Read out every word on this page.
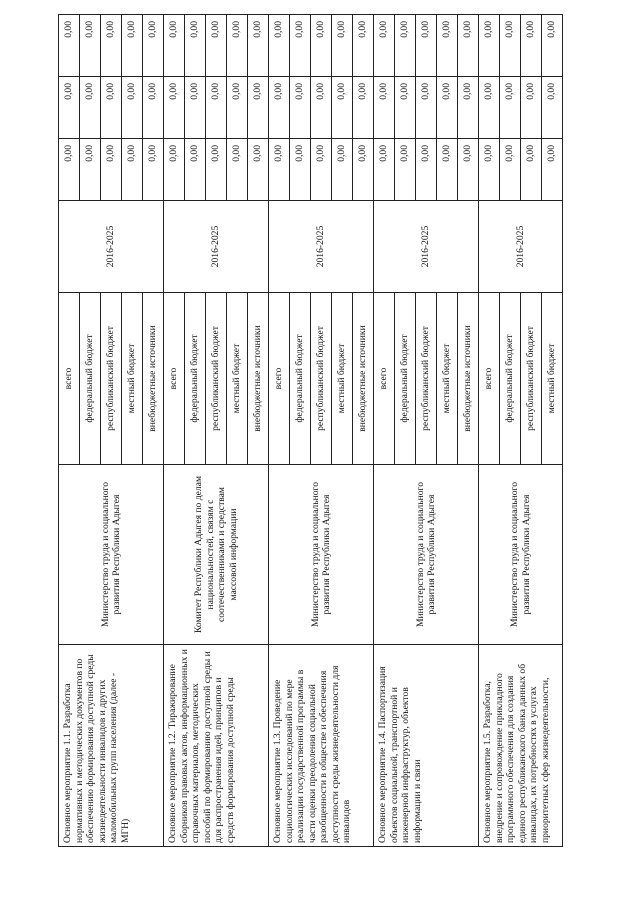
Основное мероприятие 1.1. Разработка нормативных и методических документов по обеспечению формирования доступной среды жизнедеятельности инвалидов и других маломобильных групп населения (далее - МГН)	Министерство труда и социального развития Республики Адыгея	всего	2016-2025	0,00	0,00	0,00
		федеральный бюджет		0,00	0,00	0,00
		республиканский бюджет		0,00	0,00	0,00
		местный бюджет		0,00	0,00	0,00
		внебюджетные источники		0,00	0,00	0,00
Основное мероприятие 1.2. Тиражирование сборников правовых актов, информационных и справочных материалов, методических пособий по формированию доступной среды и для распространения идей, принципов и средств формирования доступной среды	Комитет Республики Адыгея по делам национальностей, связям с соотечественниками и средствам массовой информации	всего	2016-2025	0,00	0,00	0,00
		федеральный бюджет		0,00	0,00	0,00
		республиканский бюджет		0,00	0,00	0,00
		местный бюджет		0,00	0,00	0,00
		внебюджетные источники		0,00	0,00	0,00
Основное мероприятие 1.3. Проведение социологических исследований по мере реализации государственной программы в части оценки преодоления социальной разобщенности в обществе и обеспечения доступности среды жизнедеятельности для инвалидов	Министерство труда и социального развития Республики Адыгея	всего	2016-2025	0,00	0,00	0,00
		федеральный бюджет		0,00	0,00	0,00
		республиканский бюджет		0,00	0,00	0,00
		местный бюджет		0,00	0,00	0,00
		внебюджетные источники		0,00	0,00	0,00
Основное мероприятие 1.4. Паспортизация объектов социальной, транспортной и инженерной инфраструктур, объектов информации и связи	Министерство труда и социального развития Республики Адыгея	всего	2016-2025	0,00	0,00	0,00
		федеральный бюджет		0,00	0,00	0,00
		республиканский бюджет		0,00	0,00	0,00
		местный бюджет		0,00	0,00	0,00
		внебюджетные источники		0,00	0,00	0,00
Основное мероприятие 1.5. Разработка, внедрение и сопровождение прикладного программного обеспечения для создания единого республиканского банка данных об инвалидах, их потребностях в услугах приоритетных сфер жизнедеятельности,	Министерство труда и социального развития Республики Адыгея	всего	2016-2025	0,00	0,00	0,00
		федеральный бюджет		0,00	0,00	0,00
		республиканский бюджет		0,00	0,00	0,00
		местный бюджет		0,00	0,00	0,00
